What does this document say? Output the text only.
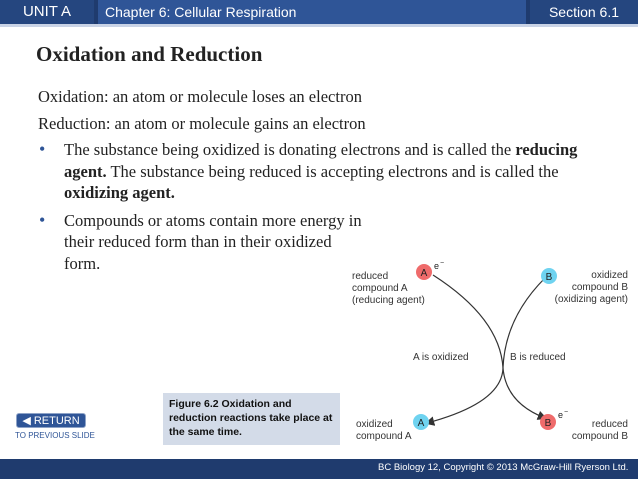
UNIT A	Chapter 6: Cellular Respiration	Section 6.1
Oxidation and Reduction

Oxidation: an atom or molecule loses an electron

Reduction: an atom or molecule gains an electron

• The substance being oxidized is donating electrons and is called the reducing agent. The substance being reduced is accepting electrons and is called the oxidizing agent.
• Compounds or atoms contain more energy in their reduced form than in their oxidized form.
A	B
A	B
e −
e −
reduced
compound A
(reducing agent)
oxidized
compound B
(oxidizing agent)
A is oxidized	B is reduced
oxidized
compound A
reduced
compound B
Figure 6.2 Oxidation and reduction reactions take place at the same time.
◀ RETURN
TO PREVIOUS SLIDE
BC Biology 12, Copyright © 2013 McGraw-Hill Ryerson Ltd.
